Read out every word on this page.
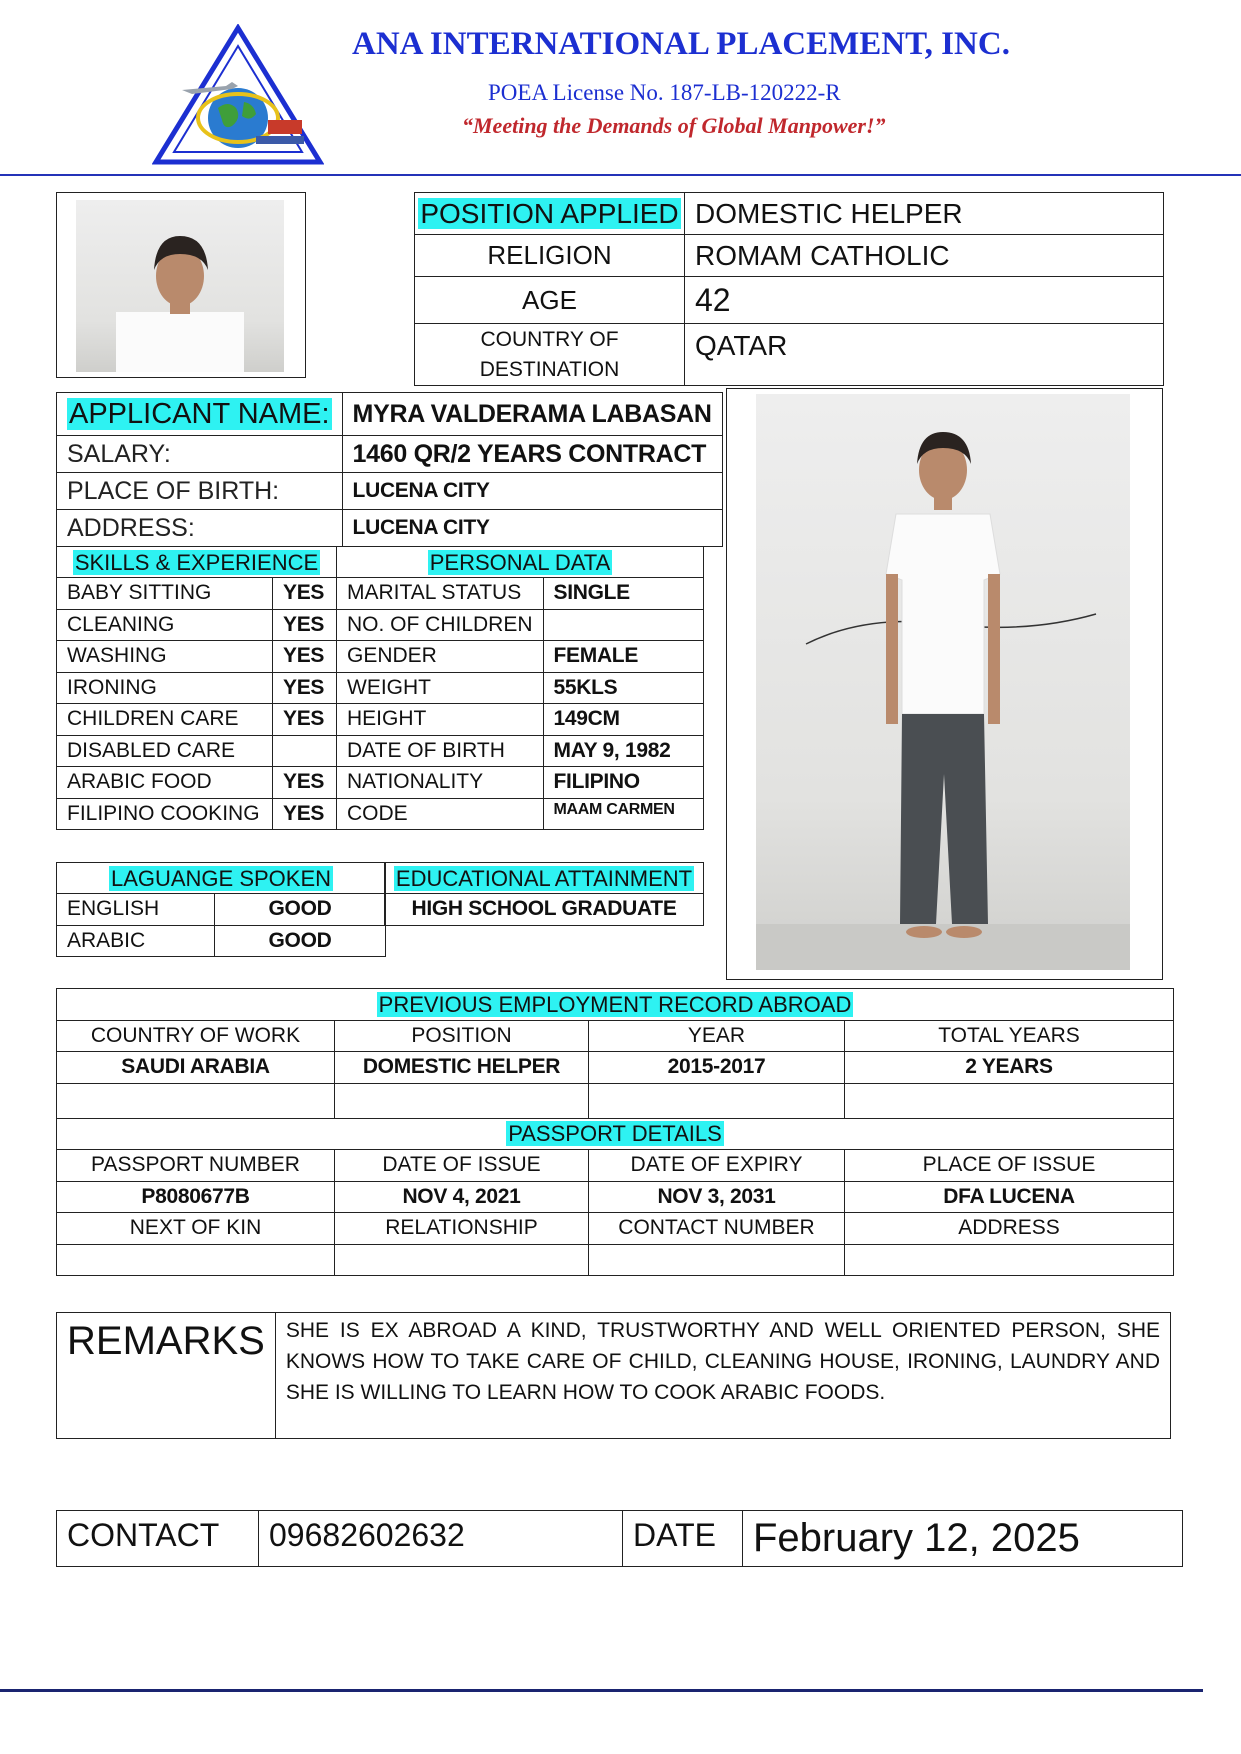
ANA INTERNATIONAL PLACEMENT, INC.
POEA License No. 187-LB-120222-R
“Meeting the Demands of Global Manpower!”
POSITION APPLIED	DOMESTIC HELPER
RELIGION	ROMAM CATHOLIC
AGE	42
COUNTRY OF DESTINATION	QATAR
APPLICANT NAME:	MYRA VALDERAMA LABASAN
SALARY:	1460 QR/2 YEARS CONTRACT
PLACE OF BIRTH:	LUCENA CITY
ADDRESS:	LUCENA CITY
SKILLS & EXPERIENCE		PERSONAL DATA	
BABY SITTING	YES	MARITAL STATUS	SINGLE
CLEANING	YES	NO. OF CHILDREN	
WASHING	YES	GENDER	FEMALE
IRONING	YES	WEIGHT	55KLS
CHILDREN CARE	YES	HEIGHT	149CM
DISABLED CARE		DATE OF BIRTH	MAY 9, 1982
ARABIC FOOD	YES	NATIONALITY	FILIPINO
FILIPINO COOKING	YES	CODE	MAAM CARMEN
LAGUANGE SPOKEN	
ENGLISH	GOOD
ARABIC	GOOD
EDUCATIONAL ATTAINMENT
HIGH SCHOOL GRADUATE
PREVIOUS EMPLOYMENT RECORD ABROAD			
COUNTRY OF WORK	POSITION	YEAR	TOTAL YEARS
SAUDI ARABIA	DOMESTIC HELPER	2015-2017	2 YEARS

PASSPORT DETAILS			
PASSPORT NUMBER	DATE OF ISSUE	DATE OF EXPIRY	PLACE OF ISSUE
P8080677B	NOV 4, 2021	NOV 3, 2031	DFA LUCENA
NEXT OF KIN	RELATIONSHIP	CONTACT NUMBER	ADDRESS

REMARKS	SHE IS EX ABROAD A KIND, TRUSTWORTHY AND WELL ORIENTED PERSON, SHE KNOWS HOW TO TAKE CARE OF CHILD, CLEANING HOUSE, IRONING, LAUNDRY AND SHE IS WILLING TO LEARN HOW TO COOK ARABIC FOODS.
CONTACT	09682602632	DATE	February 12, 2025
